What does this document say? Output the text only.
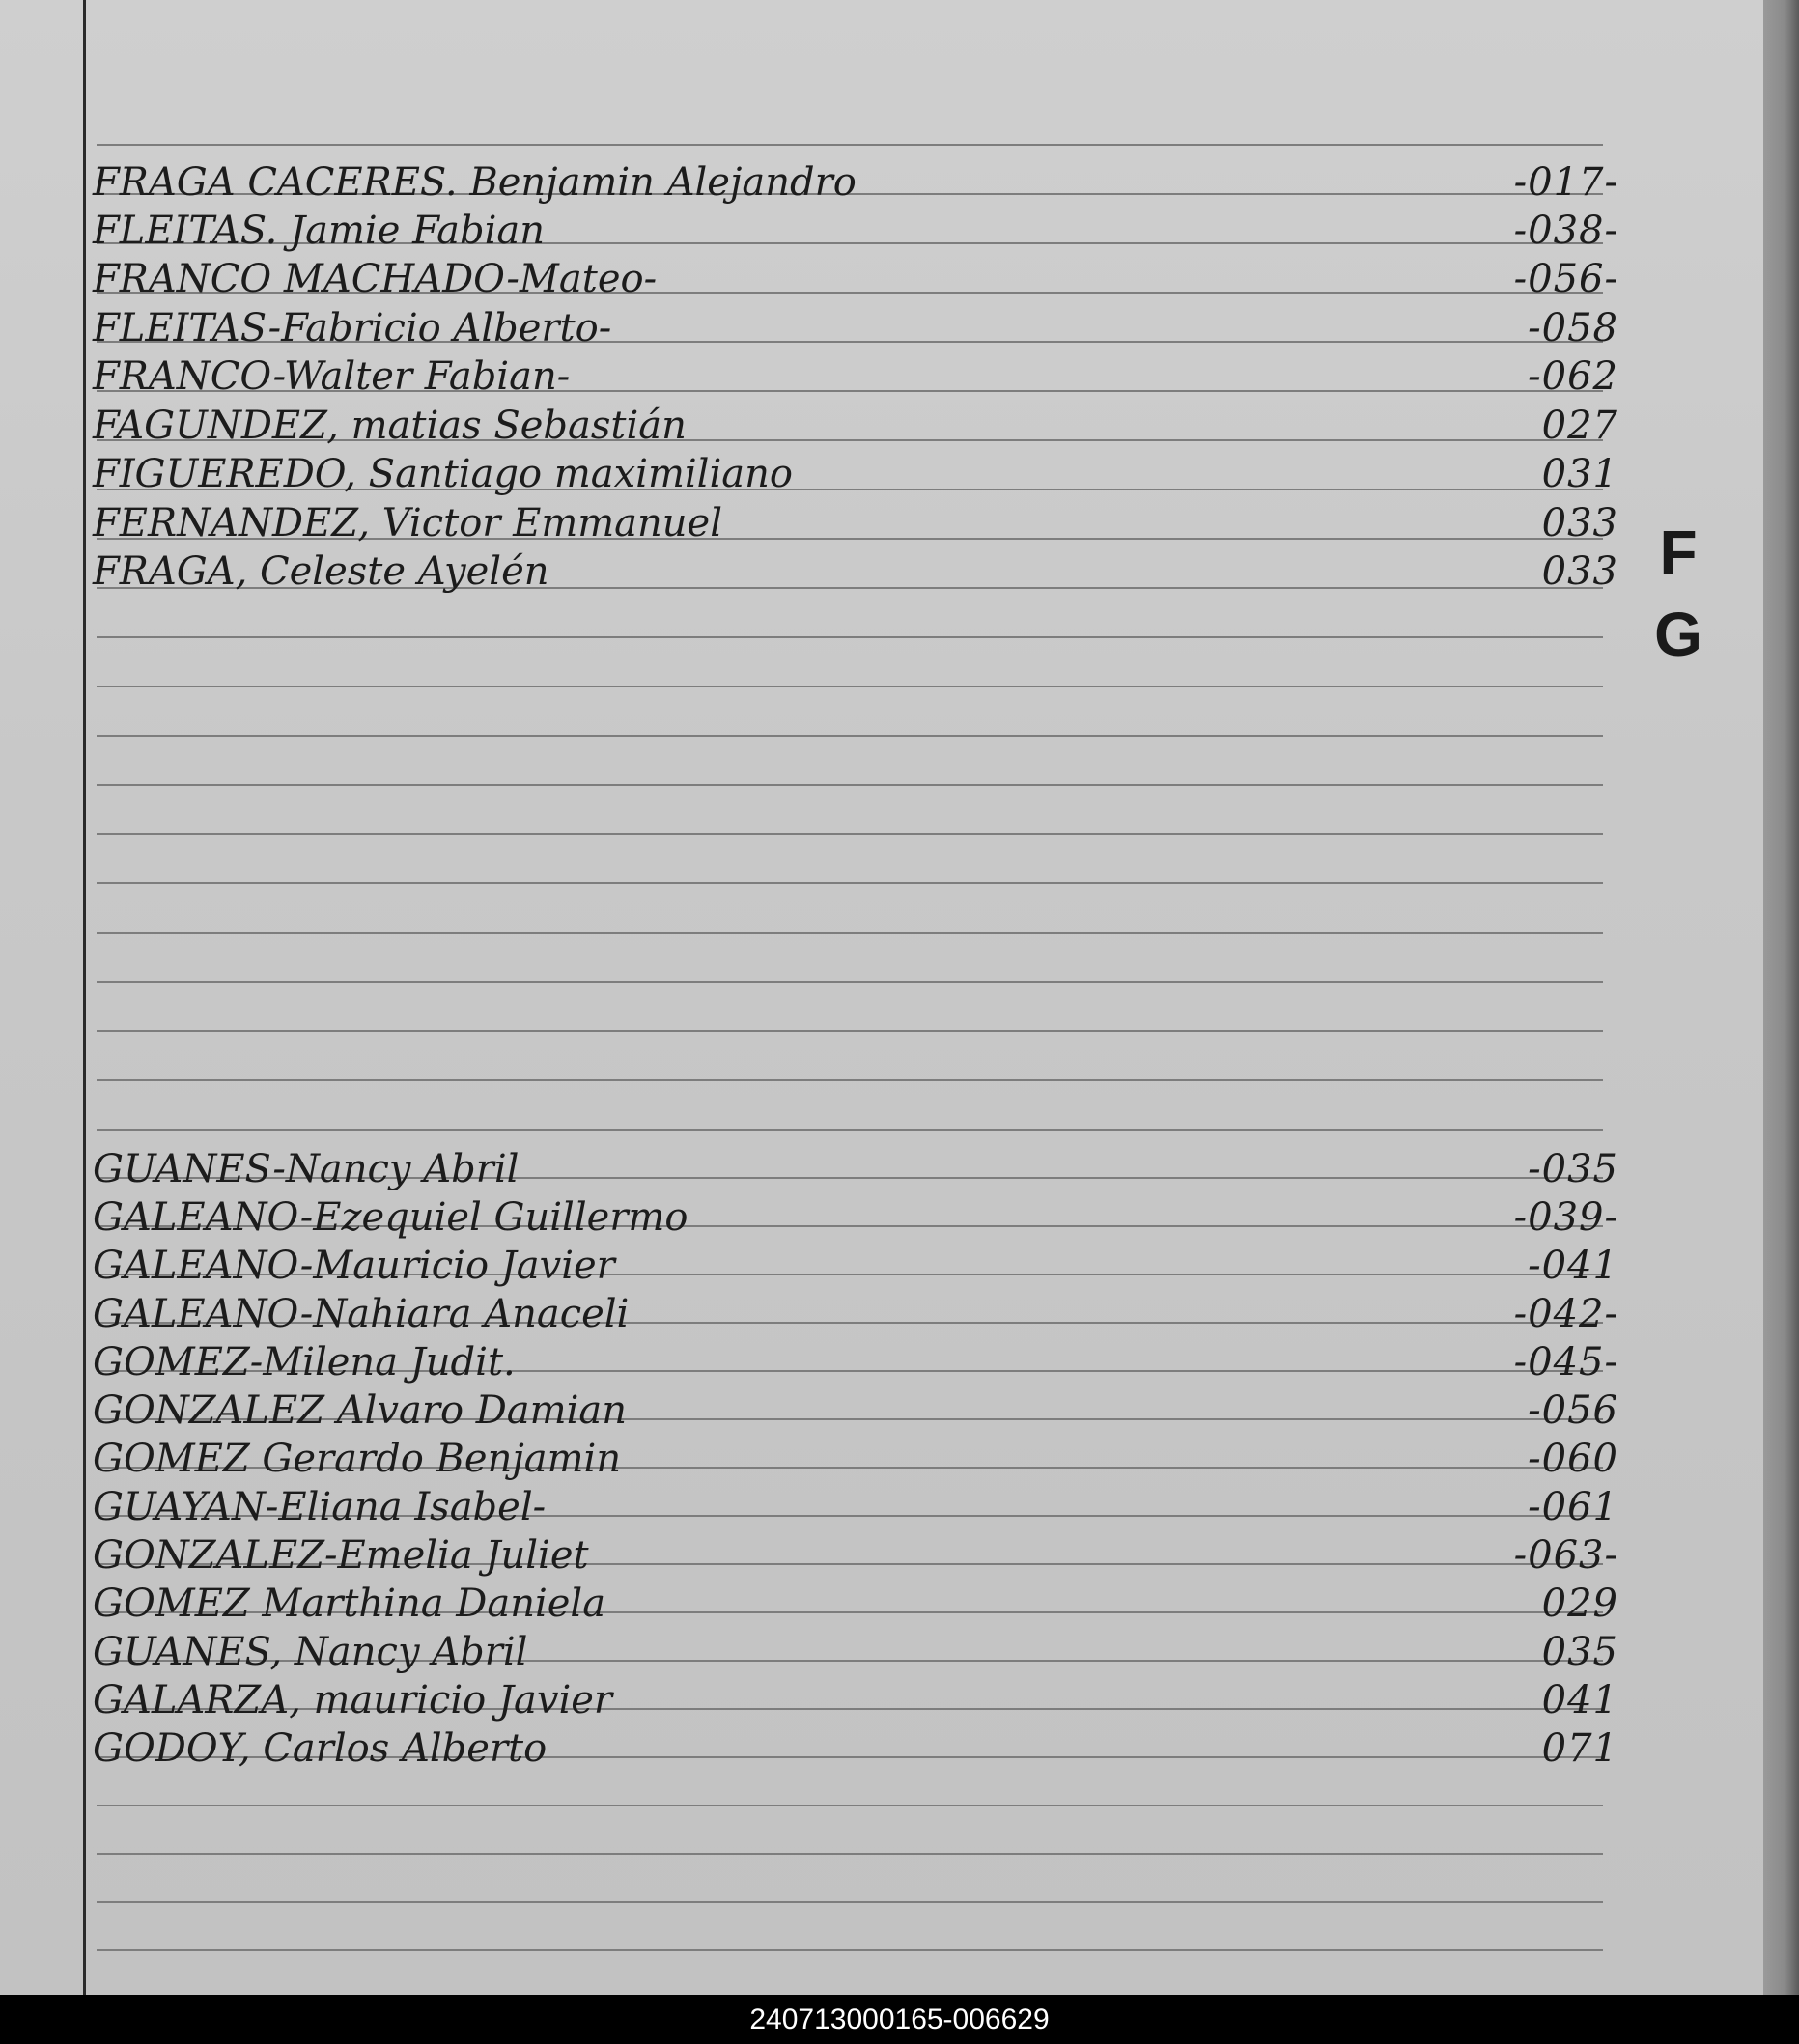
F
G
FRAGA CACERES. Benjamin Alejandro	-017-
FLEITAS. Jamie Fabian	-038-
FRANCO MACHADO-Mateo-	-056-
FLEITAS-Fabricio Alberto-	-058
FRANCO-Walter Fabian-	-062
FAGUNDEZ, matias Sebastián	027
FIGUEREDO, Santiago maximiliano	031
FERNANDEZ, Victor Emmanuel	033
FRAGA, Celeste Ayelén	033
GUANES-Nancy Abril	-035
GALEANO-Ezequiel Guillermo	-039-
GALEANO-Mauricio Javier	-041
GALEANO-Nahiara Anaceli	-042-
GOMEZ-Milena Judit.	-045-
GONZALEZ Alvaro Damian	-056
GOMEZ Gerardo Benjamin	-060
GUAYAN-Eliana Isabel-	-061
GONZALEZ-Emelia Juliet	-063-
GOMEZ Marthina Daniela	029
GUANES, Nancy Abril	035
GALARZA, mauricio Javier	041
GODOY, Carlos Alberto	071
240713000165-006629
